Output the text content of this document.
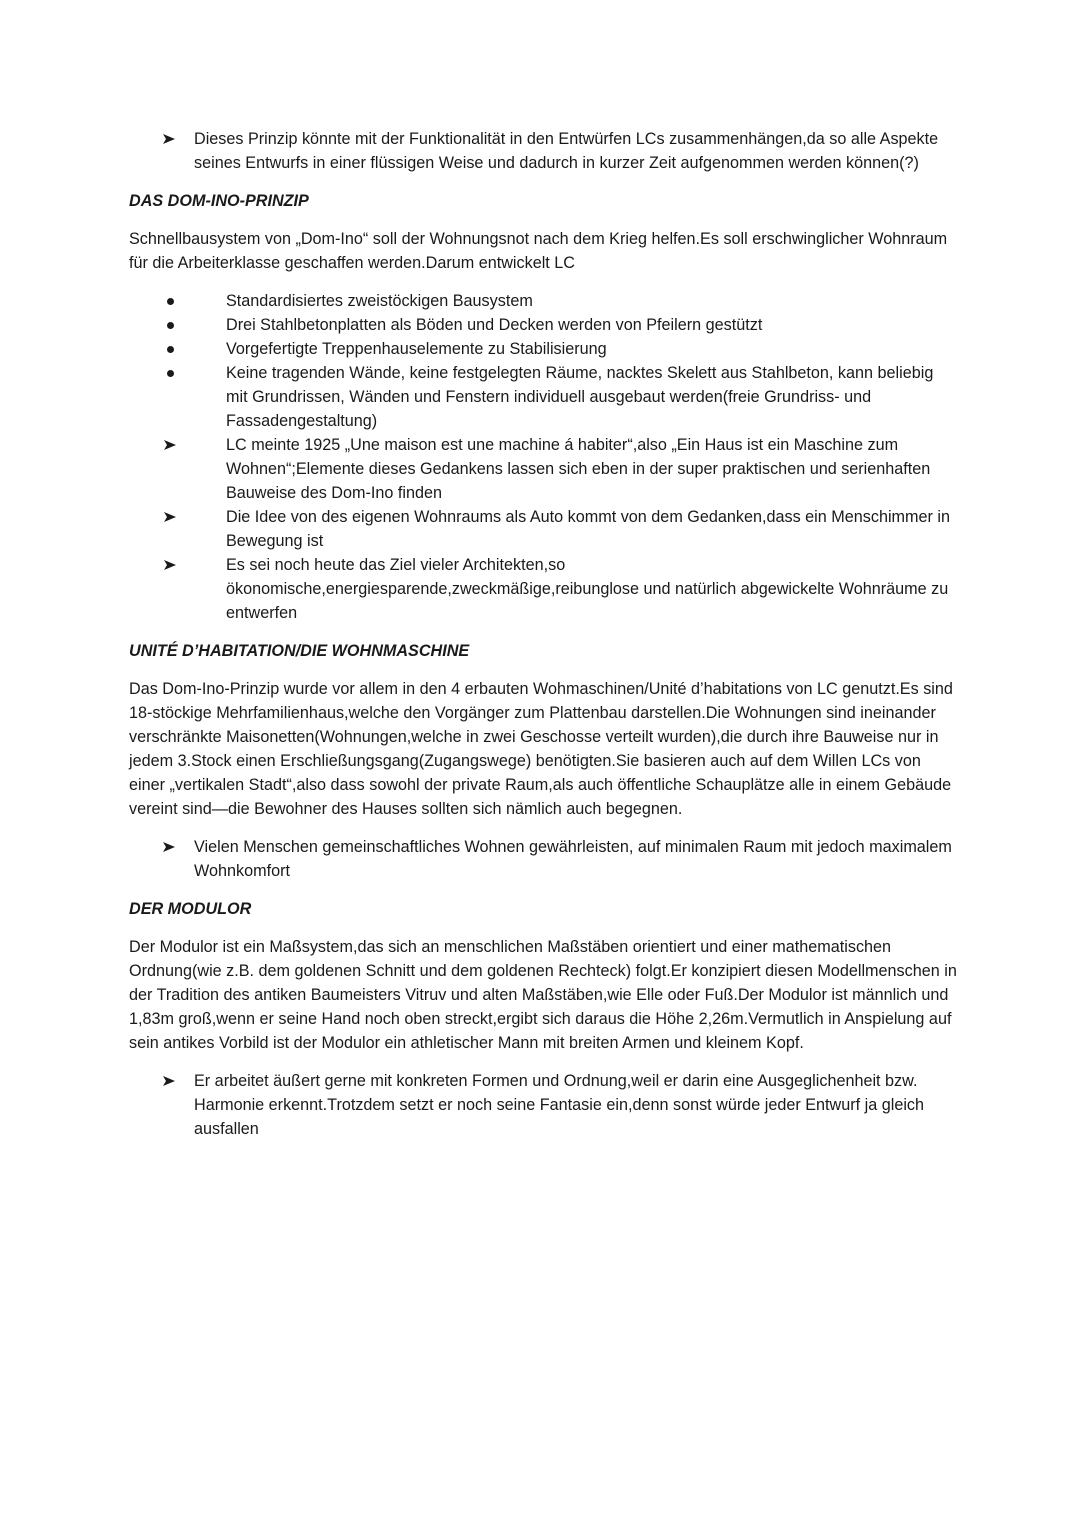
Dieses Prinzip könnte mit der Funktionalität in den Entwürfen LCs zusammenhängen,da so alle Aspekte seines Entwurfs in einer flüssigen Weise und dadurch in kurzer Zeit aufgenommen werden können(?)

DAS DOM-INO-PRINZIP

Schnellbausystem von „Dom-Ino“ soll der Wohnungsnot nach dem Krieg helfen.Es soll erschwinglicher Wohnraum für die Arbeiterklasse geschaffen werden.Darum entwickelt LC

Standardisiertes zweistöckigen Bausystem

Drei Stahlbetonplatten als Böden und Decken werden von Pfeilern gestützt

Vorgefertigte Treppenhauselemente zu Stabilisierung

Keine tragenden Wände, keine festgelegten Räume, nacktes Skelett aus Stahlbeton, kann beliebig mit Grundrissen, Wänden und Fenstern individuell ausgebaut werden(freie Grundriss- und Fassadengestaltung)

LC meinte 1925 „Une maison est une machine á habiter“,also „Ein Haus ist ein Maschine zum Wohnen“;Elemente dieses Gedankens lassen sich eben in der super praktischen und serienhaften Bauweise des Dom-Ino finden

Die Idee von des eigenen Wohnraums als Auto kommt von dem Gedanken,dass ein Menschimmer in Bewegung ist

Es sei noch heute das Ziel vieler Architekten,so ökonomische,energiesparende,zweckmäßige,reibunglose und natürlich abgewickelte Wohnräume zu entwerfen

UNITÉ D’HABITATION/DIE WOHNMASCHINE

Das Dom-Ino-Prinzip wurde vor allem in den 4 erbauten Wohmaschinen/Unité d’habitations von LC genutzt.Es sind 18-stöckige Mehrfamilienhaus,welche den Vorgänger zum Plattenbau darstellen.Die Wohnungen sind ineinander verschränkte Maisonetten(Wohnungen,welche in zwei Geschosse verteilt wurden),die durch ihre Bauweise nur in jedem 3.Stock einen Erschließungsgang(Zugangswege) benötigten.Sie basieren auch auf dem Willen LCs von einer „vertikalen Stadt“,also dass sowohl der private Raum,als auch öffentliche Schauplätze alle in einem Gebäude vereint sind—die Bewohner des Hauses sollten sich nämlich auch begegnen.

Vielen Menschen gemeinschaftliches Wohnen gewährleisten, auf minimalen Raum mit jedoch maximalem Wohnkomfort

DER MODULOR

Der Modulor ist ein Maßsystem,das sich an menschlichen Maßstäben orientiert und einer mathematischen Ordnung(wie z.B. dem goldenen Schnitt und dem goldenen Rechteck) folgt.Er konzipiert diesen Modellmenschen in der Tradition des antiken Baumeisters Vitruv und alten Maßstäben,wie Elle oder Fuß.Der Modulor ist männlich und 1,83m groß,wenn er seine Hand noch oben streckt,ergibt sich daraus die Höhe 2,26m.Vermutlich in Anspielung auf sein antikes Vorbild ist der Modulor ein athletischer Mann mit breiten Armen und kleinem Kopf.

Er arbeitet äußert gerne mit konkreten Formen und Ordnung,weil er darin eine Ausgeglichenheit bzw. Harmonie erkennt.Trotzdem setzt er noch seine Fantasie ein,denn sonst würde jeder Entwurf ja gleich ausfallen
